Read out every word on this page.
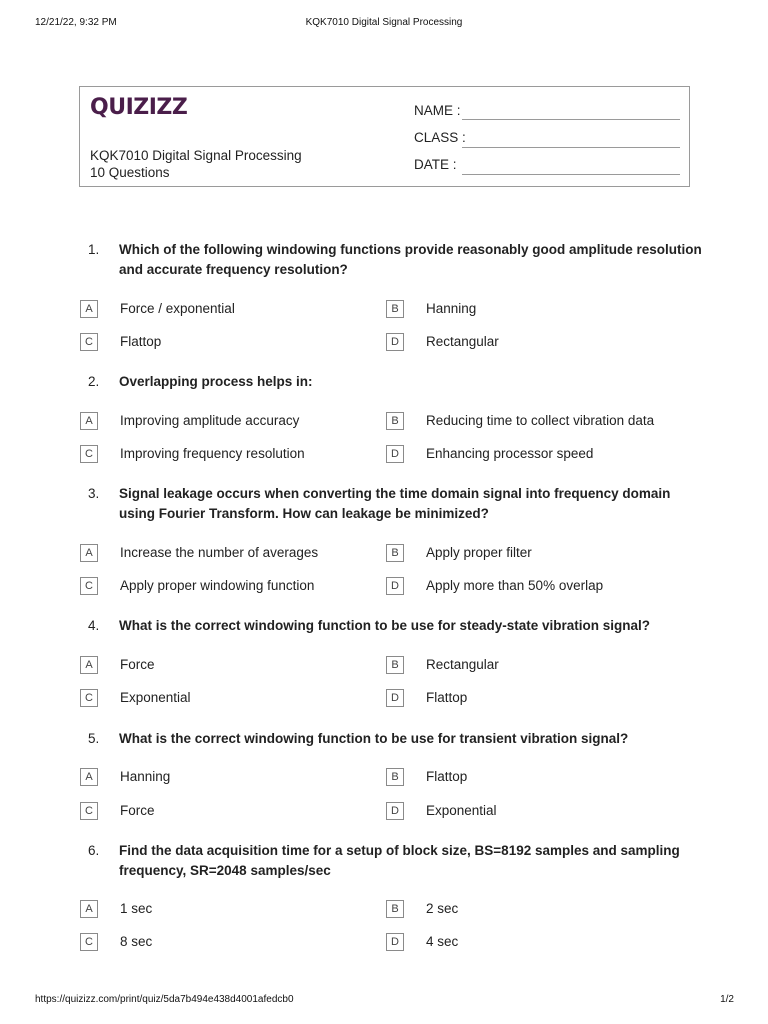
12/21/22, 9:32 PM	KQK7010 Digital Signal Processing
QUIZIZZ
KQK7010 Digital Signal Processing
10 Questions
NAME :
CLASS :
DATE :
1. Which of the following windowing functions provide reasonably good amplitude resolution and accurate frequency resolution?
A	Force / exponential	B	Hanning
C	Flattop	D	Rectangular
2. Overlapping process helps in:
A	Improving amplitude accuracy	B	Reducing time to collect vibration data
C	Improving frequency resolution	D	Enhancing processor speed
3. Signal leakage occurs when converting the time domain signal into frequency domain using Fourier Transform. How can leakage be minimized?
A	Increase the number of averages	B	Apply proper filter
C	Apply proper windowing function	D	Apply more than 50% overlap
4. What is the correct windowing function to be use for steady-state vibration signal?
A	Force	B	Rectangular
C	Exponential	D	Flattop
5. What is the correct windowing function to be use for transient vibration signal?
A	Hanning	B	Flattop
C	Force	D	Exponential
6. Find the data acquisition time for a setup of block size, BS=8192 samples and sampling frequency, SR=2048 samples/sec
A	1 sec	B	2 sec
C	8 sec	D	4 sec
https://quizizz.com/print/quiz/5da7b494e438d4001afedcb0	1/2
